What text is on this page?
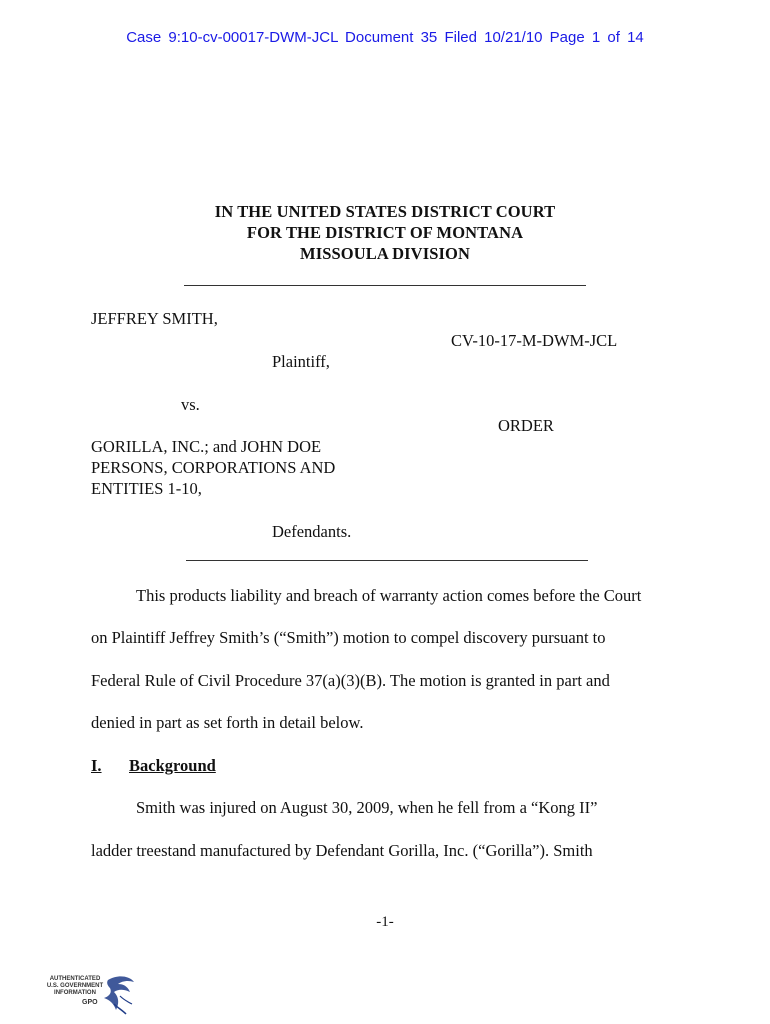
Case 9:10-cv-00017-DWM-JCL Document 35 Filed 10/21/10 Page 1 of 14
IN THE UNITED STATES DISTRICT COURT
FOR THE DISTRICT OF MONTANA
MISSOULA DIVISION
JEFFREY SMITH,
CV-10-17-M-DWM-JCL
Plaintiff,
vs.
ORDER
GORILLA, INC.; and JOHN DOE
PERSONS, CORPORATIONS AND
ENTITIES 1-10,
Defendants.
This products liability and breach of warranty action comes before the Court
on Plaintiff Jeffrey Smith’s (“Smith”) motion to compel discovery pursuant to
Federal Rule of Civil Procedure 37(a)(3)(B). The motion is granted in part and
denied in part as set forth in detail below.
I. Background
Smith was injured on August 30, 2009, when he fell from a “Kong II”
ladder treestand manufactured by Defendant Gorilla, Inc. (“Gorilla”). Smith
-1-
AUTHENTICATED U.S. GOVERNMENT INFORMATION
GPO
